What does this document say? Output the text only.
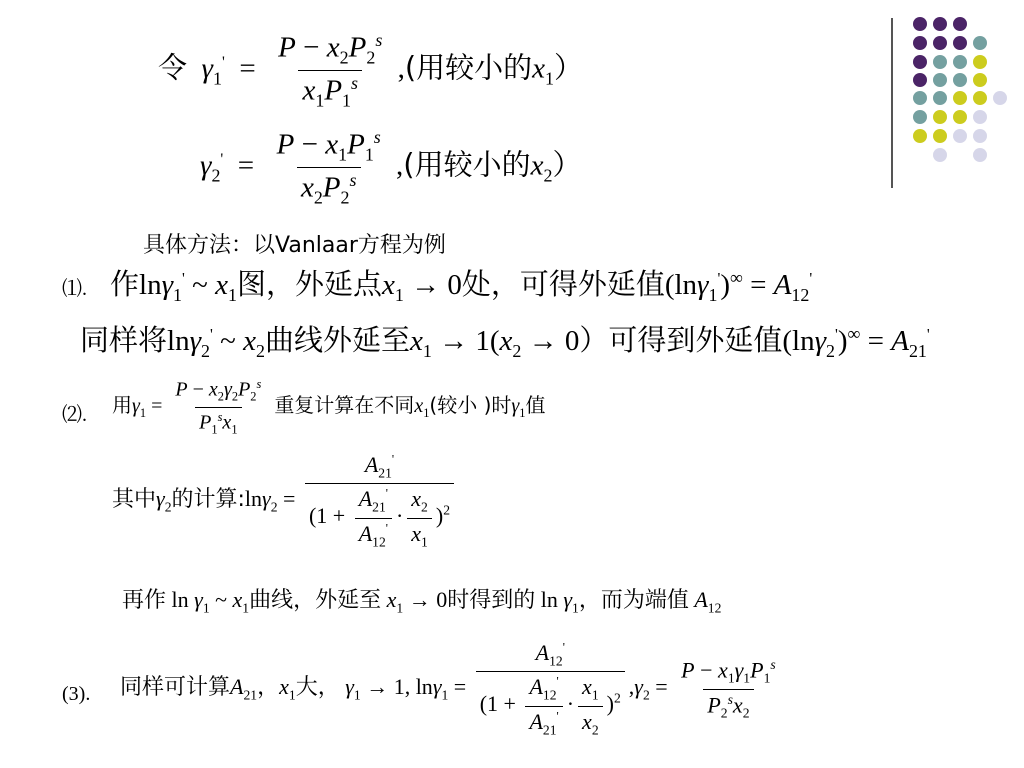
令 $\gamma_1' = \frac{P - x_2P_2^s}{x_1P_1^s}$ ,(用较小的$x_1$）
$\gamma_2' = \frac{P - x_1P_1^s}{x_2P_2^s}$ ,(用较小的$x_2$）
具体方法：以Vanlaar方程为例
⑴. 作lnγ$_1$' ~ $x_1$图，外延点$x_1 \to 0$处，可得外延值$(\ln\gamma_1')^\infty = A_{12}'$
同样将lnγ$_2$' ~ $x_2$曲线外延至$x_1 \to 1(x_2 \to 0)$可得到外延值$(\ln\gamma_2')^\infty = A_{21}'$
⑵. 用$\gamma_1 = \frac{P - x_2\gamma_2P_2^s}{P_1^sx_1}$ 重复计算在不同$x_1$(较小 )时$\gamma_1$值
其中$\gamma_2$的计算:lnγ$_2$ = $\frac{A_{21}'}{(1 + \frac{A_{21}'}{A_{12}'} \cdot \frac{x_2}{x_1} )^2}$
再作 $\ln \gamma_1$ ~ $x_1$曲线，外延至 $x_1 \to 0$时得到的 $\ln \gamma_1$，而为端值 $A_{12}$
(3). 同样可计算$A_{21}$，$x_1$大， $\gamma_1 \to 1$, $\ln\gamma_1 = \frac{A_{12}'}{(1 + \frac{A_{12}'}{A_{21}'} \cdot \frac{x_1}{x_2} )^2} ,\gamma_2 = \frac{P - x_1\gamma_1P_1^s}{P_2^sx_2}$
